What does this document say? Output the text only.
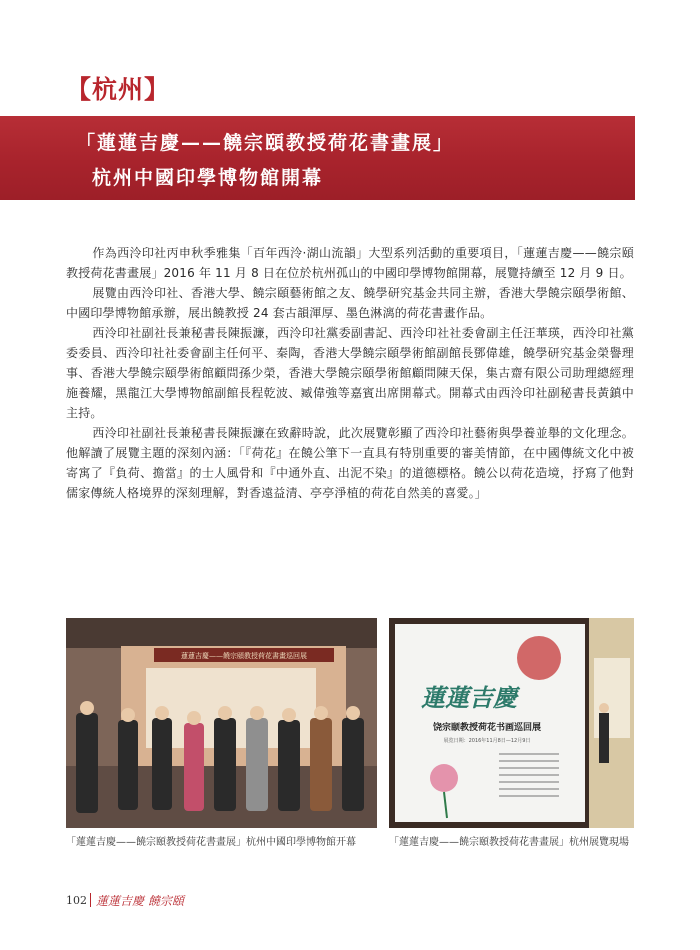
【杭州】
「蓮蓮吉慶——饒宗頤教授荷花書畫展」
杭州中國印學博物館開幕

作為西泠印社丙申秋季雅集「百年西泠·湖山流韻」大型系列活動的重要項目，「蓮蓮吉慶——饒宗頤教授荷花書畫展」2016 年 11 月 8 日在位於杭州孤山的中國印學博物館開幕，展覽持續至 12 月 9 日。

展覽由西泠印社、香港大學、饒宗頤藝術館之友、饒學研究基金共同主辦，香港大學饒宗頤學術館、中國印學博物館承辦，展出饒教授 24 套古韻渾厚、墨色淋漓的荷花書畫作品。

西泠印社副社長兼秘書長陳振濂，西泠印社黨委副書記、西泠印社社委會副主任汪華瑛，西泠印社黨委委員、西泠印社社委會副主任何平、秦陶，香港大學饒宗頤學術館副館長鄧偉雄，饒學研究基金榮譽理事、香港大學饒宗頤學術館顧問孫少榮，香港大學饒宗頤學術館顧問陳天保，集古齋有限公司助理總經理施養耀，黑龍江大學博物館副館長程乾波、臧偉強等嘉賓出席開幕式。開幕式由西泠印社副秘書長黃鎮中主持。

西泠印社副社長兼秘書長陳振濂在致辭時說，此次展覽彰顯了西泠印社藝術與學養並舉的文化理念。他解讀了展覽主題的深刻內涵：「『荷花』在饒公筆下一直具有特別重要的審美情節，在中國傳統文化中被寄寓了『負荷、擔當』的士人風骨和『中通外直、出泥不染』的道德標格。饒公以荷花造境，抒寫了他對儒家傳統人格境界的深刻理解，對香遠益清、亭亭淨植的荷花自然美的喜愛。」

蓮蓮吉慶——饒宗頤教授荷花書畫巡回展
「蓮蓮吉慶——饒宗頤教授荷花書畫展」杭州中國印學博物館开幕
蓮蓮吉慶
饶宗颐教授荷花书画巡回展
展览日期：2016年11月8日—12月9日
「蓮蓮吉慶——饒宗頤教授荷花書畫展」杭州展覽現場
102 蓮蓮吉慶 饒宗頤
